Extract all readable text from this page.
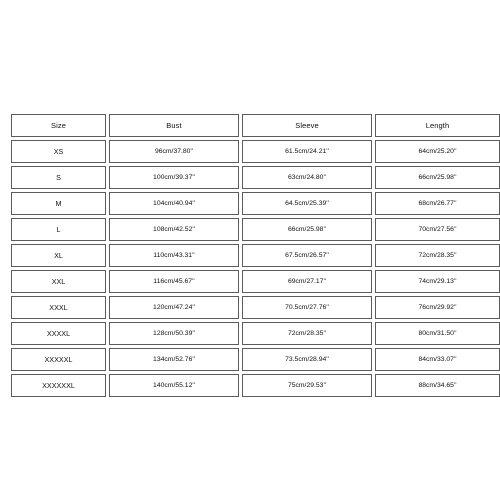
Size	Bust	Sleeve	Length
XS	96cm/37.80''	61.5cm/24.21''	64cm/25.20''
S	100cm/39.37''	63cm/24.80''	66cm/25.98''
M	104cm/40.94''	64.5cm/25.39''	68cm/26.77''
L	108cm/42.52''	66cm/25.98''	70cm/27.56''
XL	110cm/43.31''	67.5cm/26.57''	72cm/28.35''
XXL	116cm/45.67''	69cm/27.17''	74cm/29.13''
XXXL	120cm/47.24''	70.5cm/27.76''	76cm/29.92''
XXXXL	128cm/50.39''	72cm/28.35''	80cm/31.50''
XXXXXL	134cm/52.76''	73.5cm/28.94''	84cm/33.07''
XXXXXXL	140cm/55.12''	75cm/29.53''	88cm/34.65''
